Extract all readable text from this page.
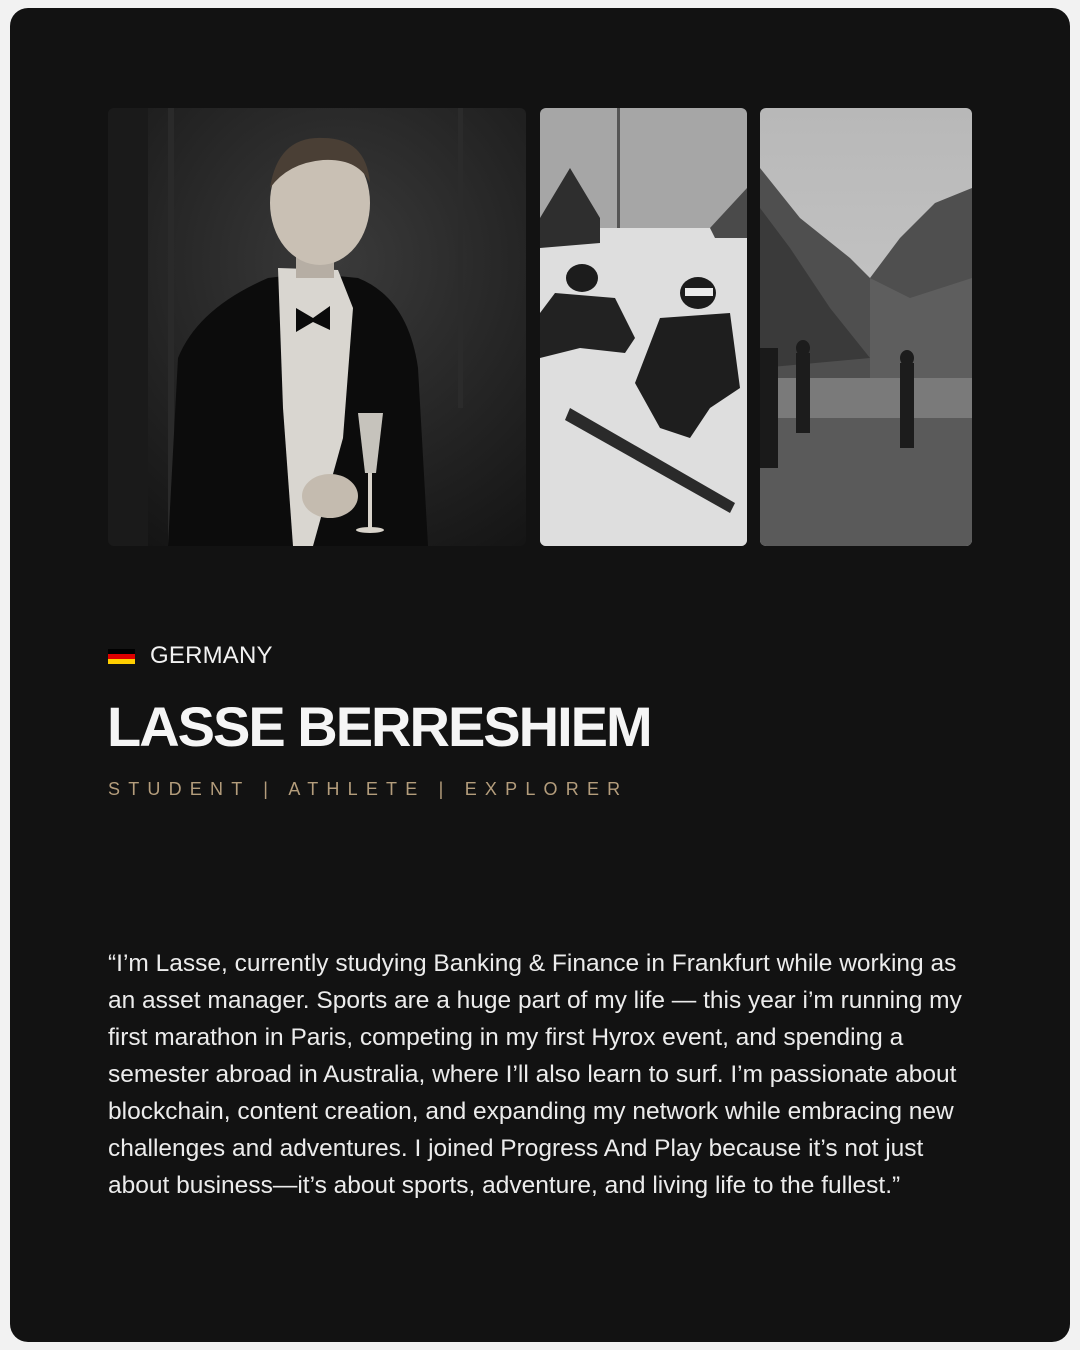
GERMANY
LASSE BERRESHIEM
STUDENT | ATHLETE | EXPLORER

“I’m Lasse, currently studying Banking & Finance in Frankfurt while working as an asset manager. Sports are a huge part of my life — this year i’m running my first marathon in Paris, competing in my first Hyrox event, and spending a semester abroad in Australia, where I’ll also learn to surf. I’m passionate about blockchain, content creation, and expanding my network while embracing new challenges and adventures. I joined Progress And Play because it’s not just about business—it’s about sports, adventure, and living life to the fullest.”
